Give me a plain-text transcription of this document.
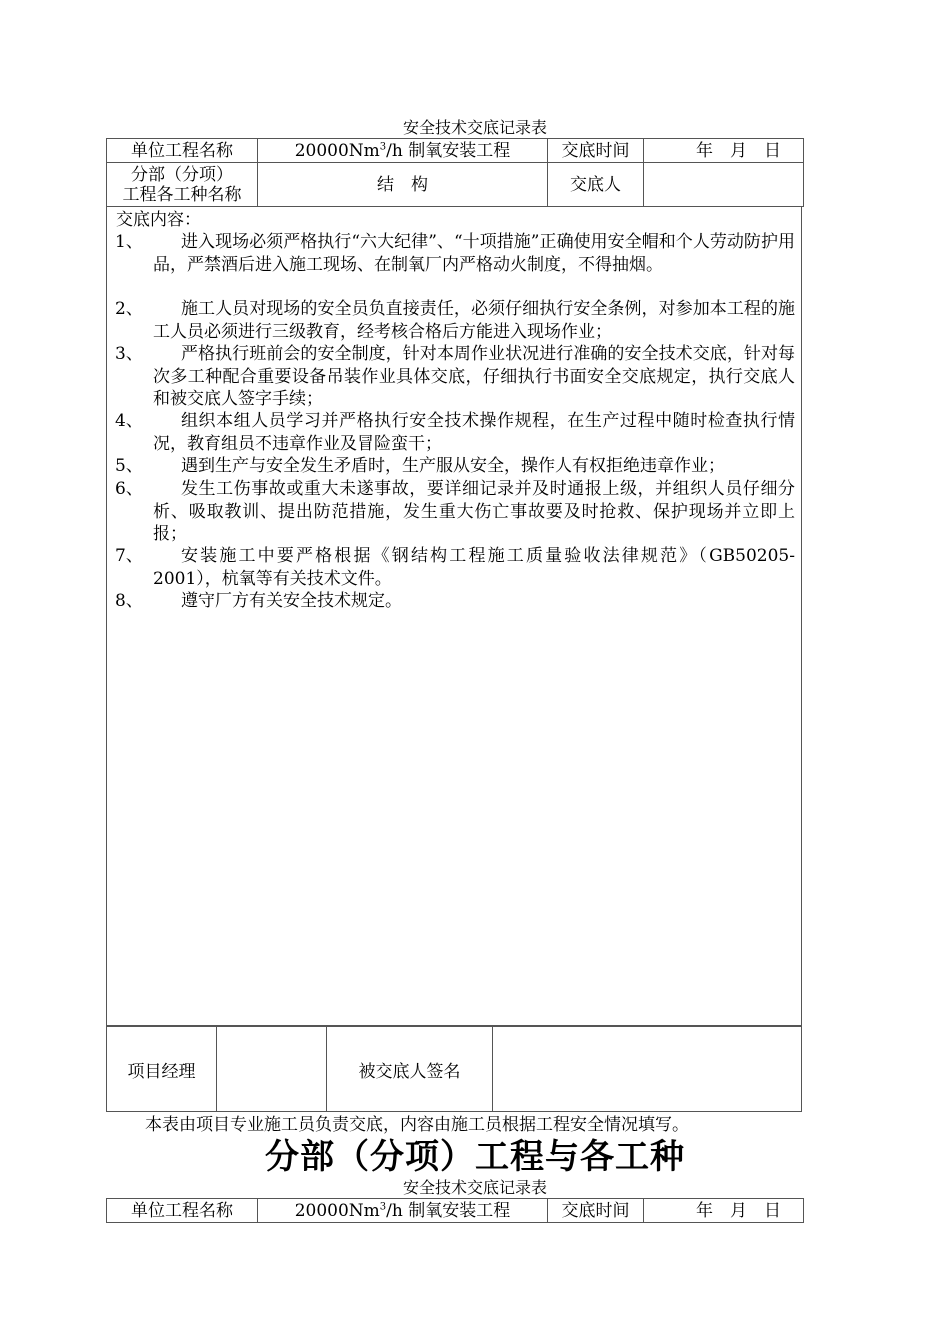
安全技术交底记录表
单位工程名称	20000Nm$^3$/h 制氧安装工程	交底时间	年　月　日

分部（分项）
工程各工种名称	结　构	交底人	
交底内容：
1、	进入现场必须严格执行“六大纪律”、“十项措施”正确使用安全帽和个人劳动防护用品，严禁酒后进入施工现场、在制氧厂内严格动火制度，不得抽烟。
2、	施工人员对现场的安全员负直接责任，必须仔细执行安全条例，对参加本工程的施工人员必须进行三级教育，经考核合格后方能进入现场作业；
3、	严格执行班前会的安全制度，针对本周作业状况进行准确的安全技术交底，针对每次多工种配合重要设备吊装作业具体交底，仔细执行书面安全交底规定，执行交底人和被交底人签字手续；
4、	组织本组人员学习并严格执行安全技术操作规程，在生产过程中随时检查执行情况，教育组员不违章作业及冒险蛮干；
5、	遇到生产与安全发生矛盾时，生产服从安全，操作人有权拒绝违章作业；
6、	发生工伤事故或重大未遂事故，要详细记录并及时通报上级，并组织人员仔细分析、吸取教训、提出防范措施，发生重大伤亡事故要及时抢救、保护现场并立即上报；
7、	安装施工中要严格根据《钢结构工程施工质量验收法律规范》（GB50205-2001），杭氧等有关技术文件。
8、	遵守厂方有关安全技术规定。
项目经理	被交底人签名
本表由项目专业施工员负责交底，内容由施工员根据工程安全情况填写。
分部（分项）工程与各工种
安全技术交底记录表
单位工程名称	20000Nm$^3$/h 制氧安装工程	交底时间	年　月　日
